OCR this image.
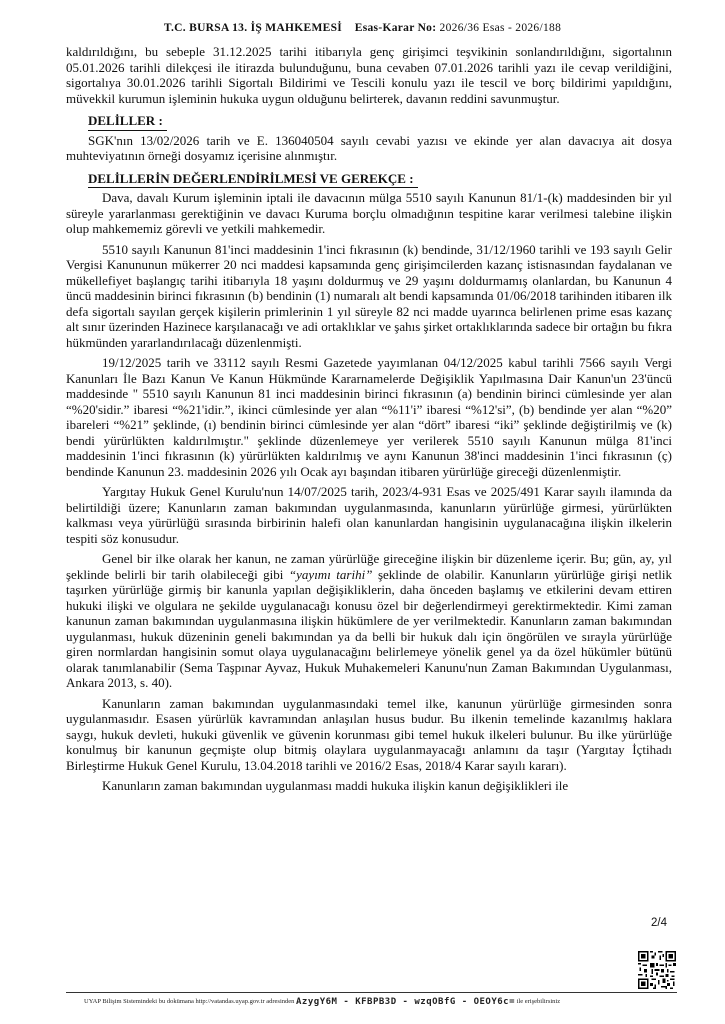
T.C. BURSA 13. İŞ MAHKEMESİ Esas-Karar No: 2026/36 Esas - 2026/188

kaldırıldığını, bu sebeple 31.12.2025 tarihi itibarıyla genç girişimci teşvikinin sonlandırıldığını, sigortalının 05.01.2026 tarihli dilekçesi ile itirazda bulunduğunu, buna cevaben 07.01.2026 tarihli yazı ile cevap verildiğini, sigortalıya 30.01.2026 tarihli Sigortalı Bildirimi ve Tescili konulu yazı ile tescil ve borç bildirimi yapıldığını, müvekkil kurumun işleminin hukuka uygun olduğunu belirterek, davanın reddini savunmuştur.

DELİLLER :

SGK'nın 13/02/2026 tarih ve E. 136040504 sayılı cevabi yazısı ve ekinde yer alan davacıya ait dosya muhteviyatının örneği dosyamız içerisine alınmıştır.

DELİLLERİN DEĞERLENDİRİLMESİ VE GEREKÇE :

Dava, davalı Kurum işleminin iptali ile davacının mülga 5510 sayılı Kanunun 81/1-(k) maddesinden bir yıl süreyle yararlanması gerektiğinin ve davacı Kuruma borçlu olmadığının tespitine karar verilmesi talebine ilişkin olup mahkememiz görevli ve yetkili mahkemedir.

5510 sayılı Kanunun 81'inci maddesinin 1'inci fıkrasının (k) bendinde, 31/12/1960 tarihli ve 193 sayılı Gelir Vergisi Kanununun mükerrer 20 nci maddesi kapsamında genç girişimcilerden kazanç istisnasından faydalanan ve mükellefiyet başlangıç tarihi itibarıyla 18 yaşını doldurmuş ve 29 yaşını doldurmamış olanlardan, bu Kanunun 4 üncü maddesinin birinci fıkrasının (b) bendinin (1) numaralı alt bendi kapsamında 01/06/2018 tarihinden itibaren ilk defa sigortalı sayılan gerçek kişilerin primlerinin 1 yıl süreyle 82 nci madde uyarınca belirlenen prime esas kazanç alt sınır üzerinden Hazinece karşılanacağı ve adi ortaklıklar ve şahıs şirket ortaklıklarında sadece bir ortağın bu fıkra hükmünden yararlandırılacağı düzenlenmişti.

19/12/2025 tarih ve 33112 sayılı Resmi Gazetede yayımlanan 04/12/2025 kabul tarihli 7566 sayılı Vergi Kanunları İle Bazı Kanun Ve Kanun Hükmünde Kararnamelerde Değişiklik Yapılmasına Dair Kanun'un 23'üncü maddesinde " 5510 sayılı Kanunun 81 inci maddesinin birinci fıkrasının (a) bendinin birinci cümlesinde yer alan “%20'sidir.” ibaresi “%21'idir.”, ikinci cümlesinde yer alan “%11'i” ibaresi “%12'si”, (b) bendinde yer alan “%20” ibareleri “%21” şeklinde, (ı) bendinin birinci cümlesinde yer alan “dört” ibaresi “iki” şeklinde değiştirilmiş ve (k) bendi yürürlükten kaldırılmıştır." şeklinde düzenlemeye yer verilerek 5510 sayılı Kanunun mülga 81'inci maddesinin 1'inci fıkrasının (k) yürürlükten kaldırılmış ve aynı Kanunun 38'inci maddesinin 1'inci fıkrasının (ç) bendinde Kanunun 23. maddesinin 2026 yılı Ocak ayı başından itibaren yürürlüğe gireceği düzenlenmiştir.

Yargıtay Hukuk Genel Kurulu'nun 14/07/2025 tarih, 2023/4-931 Esas ve 2025/491 Karar sayılı ilamında da belirtildiği üzere; Kanunların zaman bakımından uygulanmasında, kanunların yürürlüğe girmesi, yürürlükten kalkması veya yürürlüğü sırasında birbirinin halefi olan kanunlardan hangisinin uygulanacağına ilişkin ilkelerin tespiti söz konusudur.

Genel bir ilke olarak her kanun, ne zaman yürürlüğe gireceğine ilişkin bir düzenleme içerir. Bu; gün, ay, yıl şeklinde belirli bir tarih olabileceği gibi “yayımı tarihi” şeklinde de olabilir. Kanunların yürürlüğe girişi netlik taşırken yürürlüğe girmiş bir kanunla yapılan değişikliklerin, daha önceden başlamış ve etkilerini devam ettiren hukuki ilişki ve olgulara ne şekilde uygulanacağı konusu özel bir değerlendirmeyi gerektirmektedir. Kimi zaman kanunun zaman bakımından uygulanmasına ilişkin hükümlere de yer verilmektedir. Kanunların zaman bakımından uygulanması, hukuk düzeninin geneli bakımından ya da belli bir hukuk dalı için öngörülen ve sırayla yürürlüğe giren normlardan hangisinin somut olaya uygulanacağını belirlemeye yönelik genel ya da özel hükümler bütünü olarak tanımlanabilir (Sema Taşpınar Ayvaz, Hukuk Muhakemeleri Kanunu'nun Zaman Bakımından Uygulanması, Ankara 2013, s. 40).

Kanunların zaman bakımından uygulanmasındaki temel ilke, kanunun yürürlüğe girmesinden sonra uygulanmasıdır. Esasen yürürlük kavramından anlaşılan husus budur. Bu ilkenin temelinde kazanılmış haklara saygı, hukuk devleti, hukuki güvenlik ve güvenin korunması gibi temel hukuk ilkeleri bulunur. Bu ilke yürürlüğe konulmuş bir kanunun geçmişte olup bitmiş olaylara uygulanmayacağı anlamını da taşır (Yargıtay İçtihadı Birleştirme Hukuk Genel Kurulu, 13.04.2018 tarihli ve 2016/2 Esas, 2018/4 Karar sayılı kararı).

Kanunların zaman bakımından uygulanması maddi hukuka ilişkin kanun değişiklikleri ile

2/4
UYAP Bilişim Sistemindeki bu dokümana http://vatandas.uyap.gov.tr adresinden AzygY6M - KFBPB3D - wzqOBfG - OEOY6c= ile erişebilirsiniz
